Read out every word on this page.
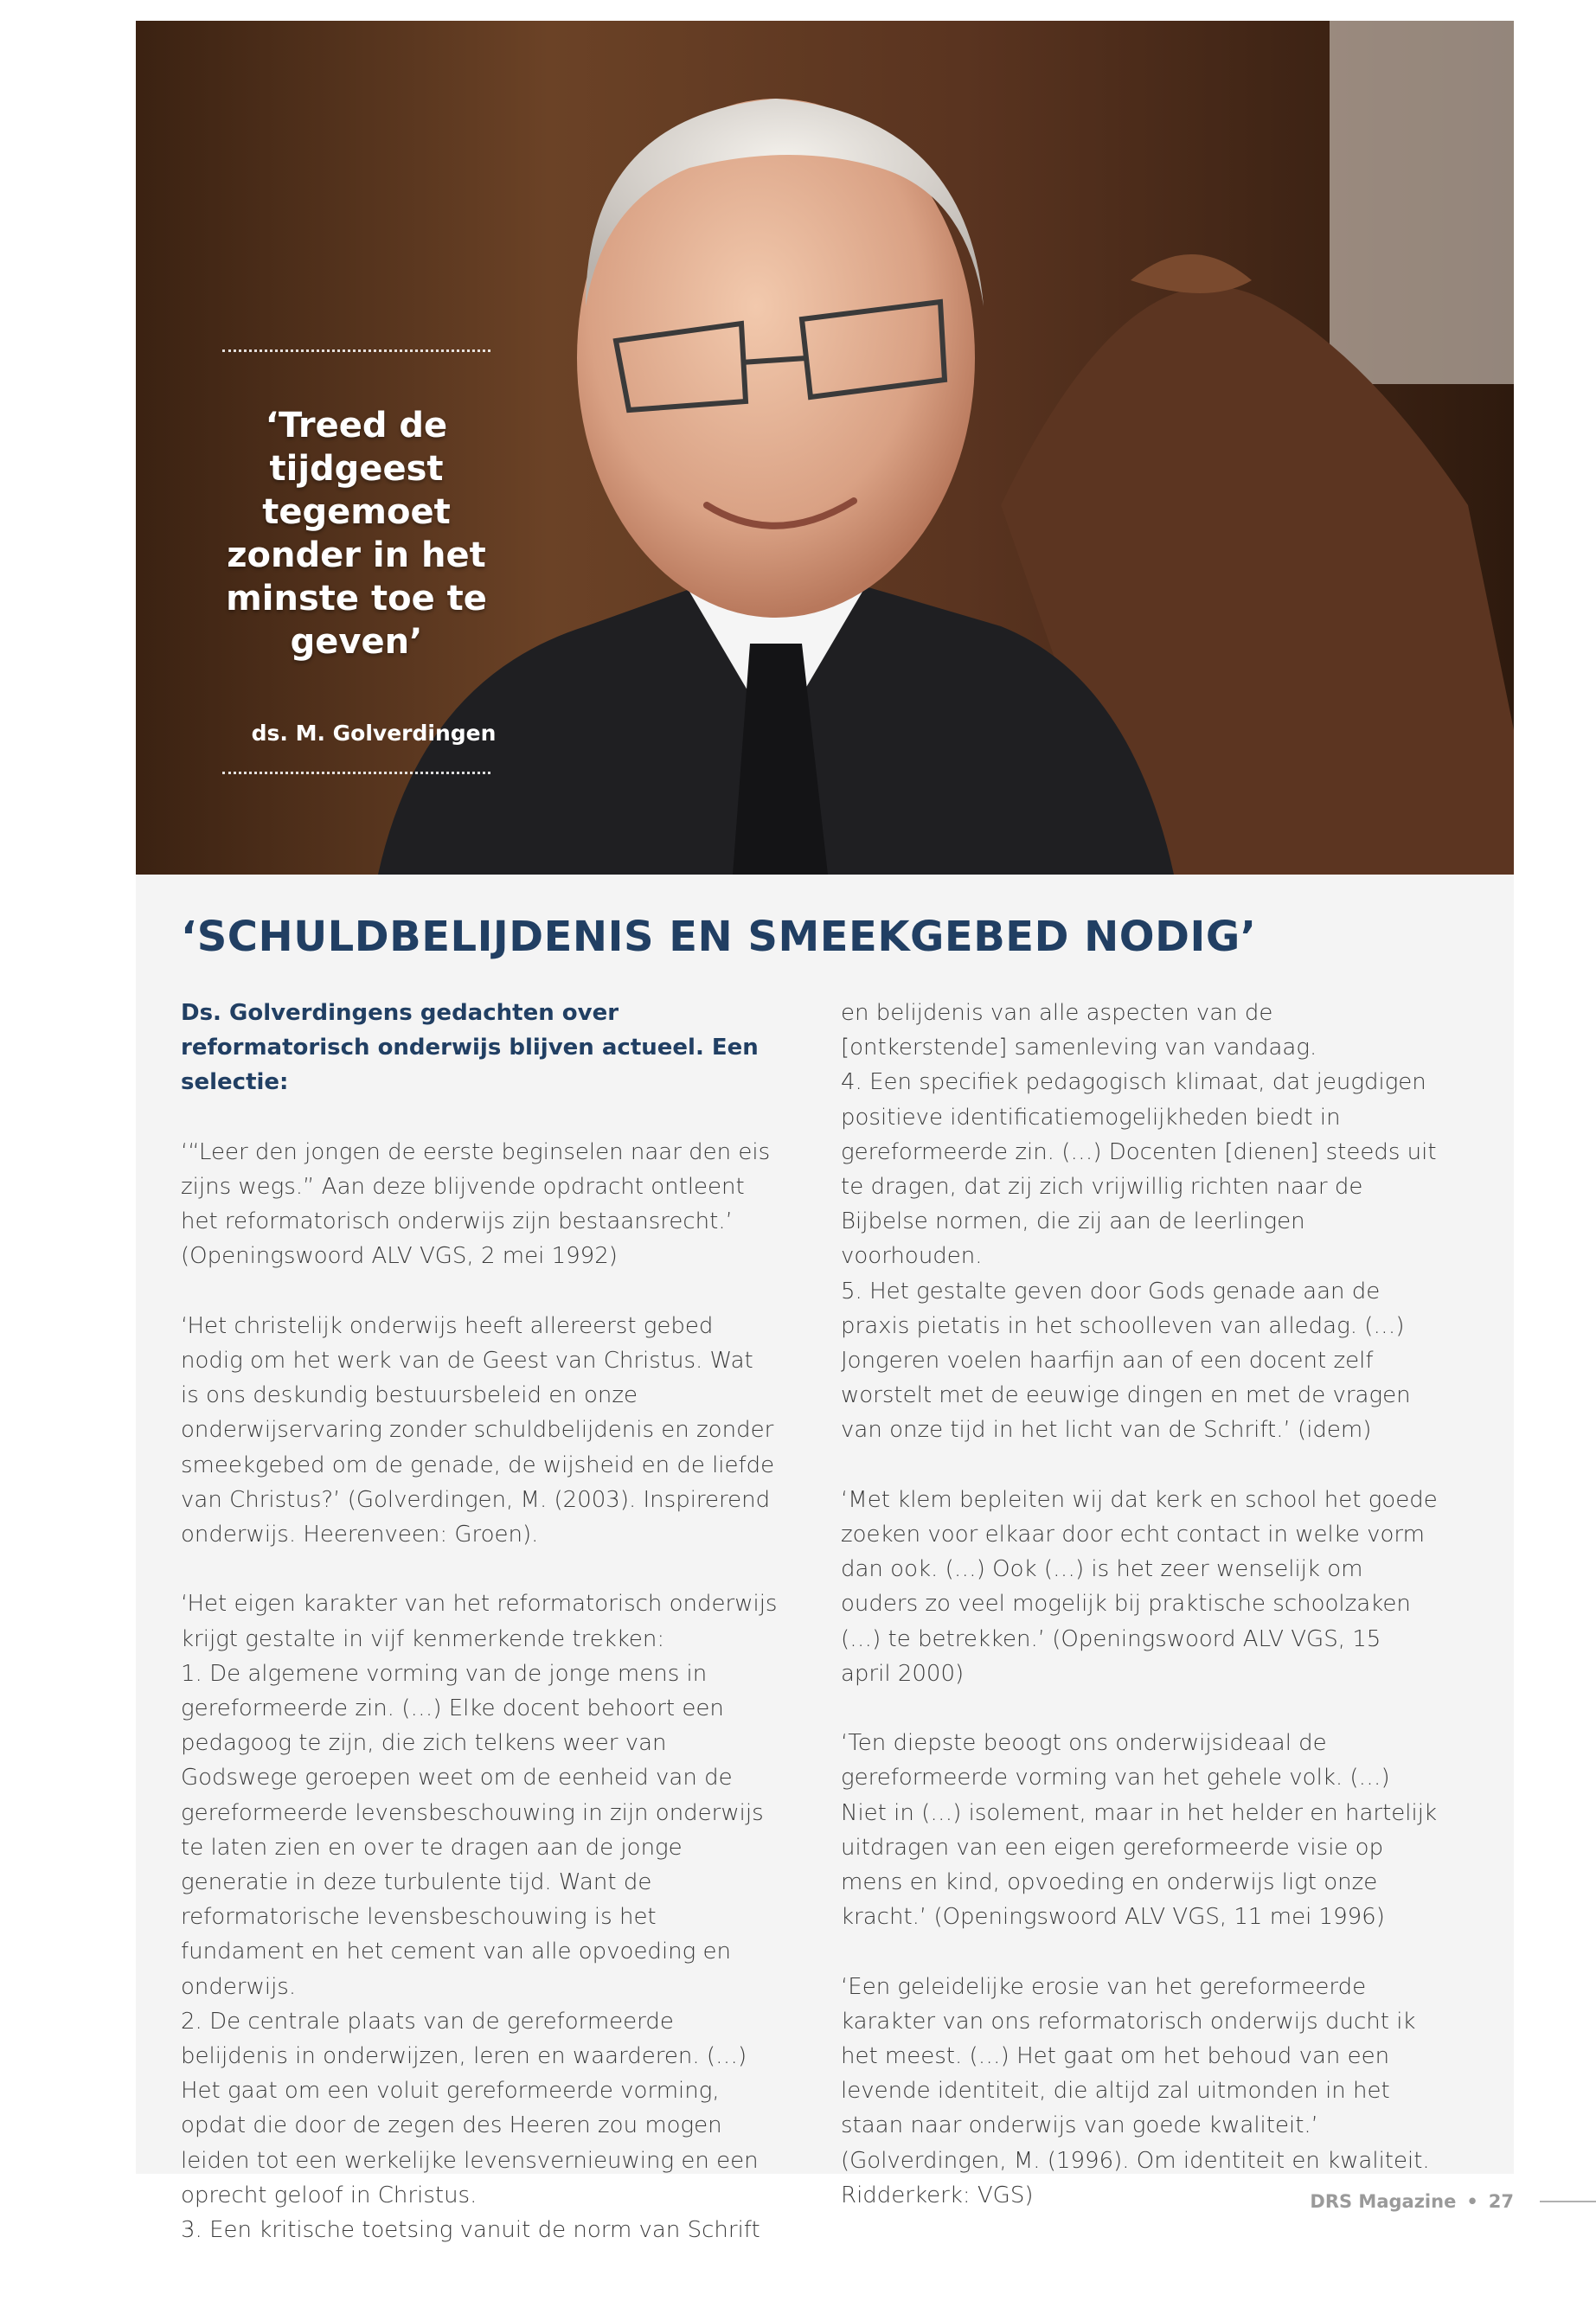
‘Treed de tijdgeest tegemoet zonder in het minste toe te geven’

ds. M. Golverdingen

‘SCHULDBELIJDENIS EN SMEEKGEBED NODIG’

Ds. Golverdingens gedachten over reformatorisch onderwijs blijven actueel. Een selectie:

‘“Leer den jongen de eerste beginselen naar den eis zijns wegs.” Aan deze blijvende opdracht ontleent het reformatorisch onderwijs zijn bestaansrecht.’ (Openingswoord ALV VGS, 2 mei 1992)

‘Het christelijk onderwijs heeft allereerst gebed nodig om het werk van de Geest van Christus. Wat is ons deskundig bestuursbeleid en onze onderwijservaring zonder schuldbelijdenis en zonder smeekgebed om de genade, de wijsheid en de liefde van Christus?’ (Golverdingen, M. (2003). Inspirerend onderwijs. Heerenveen: Groen).

‘Het eigen karakter van het reformatorisch onderwijs krijgt gestalte in vijf kenmerkende trekken:
1. De algemene vorming van de jonge mens in gereformeerde zin. (…) Elke docent behoort een pedagoog te zijn, die zich telkens weer van Godswege geroepen weet om de eenheid van de gereformeerde levensbeschouwing in zijn onderwijs te laten zien en over te dragen aan de jonge generatie in deze turbulente tijd. Want de reformatorische levensbeschouwing is het fundament en het cement van alle opvoeding en onderwijs.
2. De centrale plaats van de gereformeerde belijdenis in onderwijzen, leren en waarderen. (…) Het gaat om een voluit gereformeerde vorming, opdat die door de zegen des Heeren zou mogen leiden tot een werkelijke levensvernieuwing en een oprecht geloof in Christus.
3. Een kritische toetsing vanuit de norm van Schrift

en belijdenis van alle aspecten van de [ontkerstende] samenleving van vandaag.
4. Een specifiek pedagogisch klimaat, dat jeugdigen positieve identificatiemogelijkheden biedt in gereformeerde zin. (…) Docenten [dienen] steeds uit te dragen, dat zij zich vrijwillig richten naar de Bijbelse normen, die zij aan de leerlingen voorhouden.
5. Het gestalte geven door Gods genade aan de praxis pietatis in het schoolleven van alledag. (…) Jongeren voelen haarfijn aan of een docent zelf worstelt met de eeuwige dingen en met de vragen van onze tijd in het licht van de Schrift.’ (idem)

‘Met klem bepleiten wij dat kerk en school het goede zoeken voor elkaar door echt contact in welke vorm dan ook. (…) Ook (…) is het zeer wenselijk om ouders zo veel mogelijk bij praktische schoolzaken (…) te betrekken.’ (Openingswoord ALV VGS, 15 april 2000)

‘Ten diepste beoogt ons onderwijsideaal de gereformeerde vorming van het gehele volk. (…) Niet in (…) isolement, maar in het helder en hartelijk uitdragen van een eigen gereformeerde visie op mens en kind, opvoeding en onderwijs ligt onze kracht.’ (Openingswoord ALV VGS, 11 mei 1996)

‘Een geleidelijke erosie van het gereformeerde karakter van ons reformatorisch onderwijs ducht ik het meest. (…) Het gaat om het behoud van een levende identiteit, die altijd zal uitmonden in het staan naar onderwijs van goede kwaliteit.’ (Golverdingen, M. (1996). Om identiteit en kwaliteit. Ridderkerk: VGS)	DRS Magazine • 27
